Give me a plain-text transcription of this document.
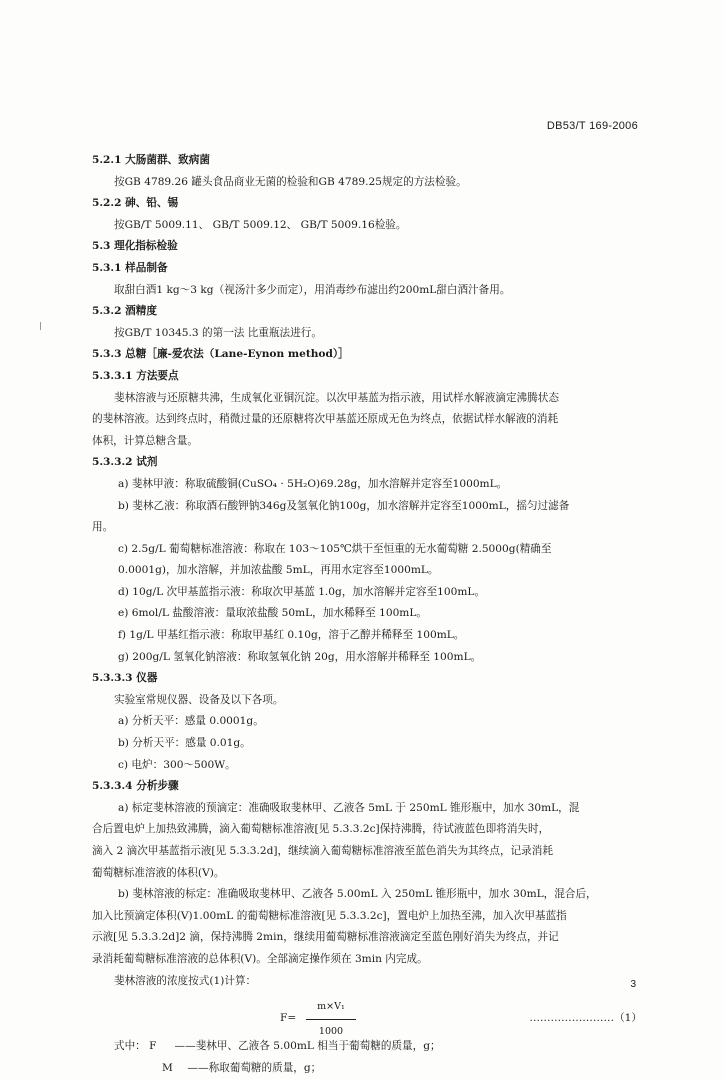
DB53/T 169-2006
5.2.1 大肠菌群、致病菌
按GB 4789.26 罐头食品商业无菌的检验和GB 4789.25规定的方法检验。
5.2.2 砷、铅、锡
按GB/T 5009.11、 GB/T 5009.12、 GB/T 5009.16检验。
5.3 理化指标检验
5.3.1 样品制备
取甜白酒1 kg～3 kg（视汤汁多少而定），用消毒纱布滤出约200mL甜白酒汁备用。
5.3.2 酒精度
按GB/T 10345.3 的第一法 比重瓶法进行。
5.3.3 总糖［廉-爱农法（Lane-Eynon method）］
5.3.3.1 方法要点
斐林溶液与还原糖共沸，生成氧化亚铜沉淀。以次甲基蓝为指示液，用试样水解液滴定沸腾状态
的斐林溶液。达到终点时，稍微过量的还原糖将次甲基蓝还原成无色为终点，依据试样水解液的消耗
体积，计算总糖含量。
5.3.3.2 试剂
a) 斐林甲液：称取硫酸铜(CuSO₄ · 5H₂O)69.28g，加水溶解并定容至1000mL。
b) 斐林乙液：称取酒石酸钾钠346g及氢氧化钠100g，加水溶解并定容至1000mL，摇匀过滤备
用。
c) 2.5g/L 葡萄糖标准溶液：称取在 103～105℃烘干至恒重的无水葡萄糖 2.5000g(精确至
0.0001g)，加水溶解，并加浓盐酸 5mL，再用水定容至1000mL。
d) 10g/L 次甲基蓝指示液：称取次甲基蓝 1.0g，加水溶解并定容至100mL。
e) 6mol/L 盐酸溶液：量取浓盐酸 50mL，加水稀释至 100mL。
f) 1g/L 甲基红指示液：称取甲基红 0.10g，溶于乙醇并稀释至 100mL。
g) 200g/L 氢氧化钠溶液：称取氢氧化钠 20g，用水溶解并稀释至 100mL。
5.3.3.3 仪器
实验室常规仪器、设备及以下各项。
a) 分析天平：感量 0.0001g。
b) 分析天平：感量 0.01g。
c) 电炉：300～500W。
5.3.3.4 分析步骤
a) 标定斐林溶液的预滴定：准确吸取斐林甲、乙液各 5mL 于 250mL 锥形瓶中，加水 30mL，混
合后置电炉上加热致沸腾，滴入葡萄糖标准溶液[见 5.3.3.2c]保持沸腾，待试液蓝色即将消失时，
滴入 2 滴次甲基蓝指示液[见 5.3.3.2d]，继续滴入葡萄糖标准溶液至蓝色消失为其终点，记录消耗
葡萄糖标准溶液的体积(V)。
b) 斐林溶液的标定：准确吸取斐林甲、乙液各 5.00mL 入 250mL 锥形瓶中，加水 30mL，混合后，
加入比预滴定体积(V)1.00mL 的葡萄糖标准溶液[见 5.3.3.2c]，置电炉上加热至沸，加入次甲基蓝指
示液[见 5.3.3.2d]2 滴，保持沸腾 2min，继续用葡萄糖标准溶液滴定至蓝色刚好消失为终点，并记
录消耗葡萄糖标准溶液的总体积(V)。全部滴定操作须在 3min 内完成。
斐林溶液的浓度按式(1)计算：
F=
m×V₁
1000
……………………（1）
式中： F ——斐林甲、乙液各 5.00mL 相当于葡萄糖的质量，g；
M ——称取葡萄糖的质量，g；
3
